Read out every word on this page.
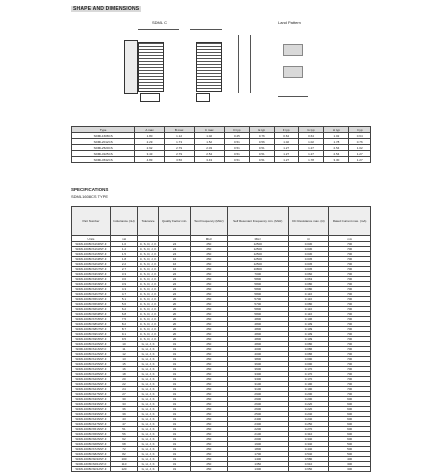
SHAPE AND DIMENSIONS
SDML C	Land Pattern
Type	A max	B max	C max	D typ	E typ	F typ	G typ	H typ	I typ
SDML1608CS	1.80	1.12	1.02	0.25	0.76	0.64	0.64	1.02	0.64
SDML2012CS	2.29	1.73	1.52	0.51	0.56	1.02	1.02	1.78	0.76
SDML2520CS	2.92	2.79	2.03	0.51	0.51	1.27	1.27	2.54	1.02
SDML3225CS	3.43	2.79	2.54	0.51	0.51	1.27	1.27	2.54	1.27
SDML4532CS	4.83	3.56	3.43	0.51	0.51	1.27	1.78	3.30	1.27
SPECIFICATIONS
SDML1608CS TYPE
Part Number	Inductance (nH)	Tolerance	Quality Factor min.	Test Frequency (MHz)	Self Resonant Frequency min. (MHz)	DC Resistance max. (Ω)	Rated Current max. (mA)
Units	nH			MHz	MHz	Ω	mA
SDML1608CS1N0ST-F	1.0	C, S, D, J, K	24	250	12500	0.030	700
SDML1608CS1N2ST-F	1.2	C, S, D, J, K	24	250	12500	0.030	700
SDML1608CS1N5ST-F	1.5	C, S, D, J, K	24	250	12500	0.030	700
SDML1608CS1N8ST-F	1.8	C, S, D, J, K	16	250	12500	0.045	700
SDML1608CS2N2ST-F	2.2	C, S, D, J, K	16	250	12500	0.045	700
SDML1608CS2N7ST-F	2.7	C, S, D, J, K	16	250	10800	0.045	700
SDML1608CS3N3ST-F	3.3	C, S, D, J, K	22	250	7000	0.060	700
SDML1608CS3N6ST-F	3.6	C, S, D, J, K	22	250	5800	0.063	700
SDML1608CS3N9ST-F	3.9	C, S, D, J, K	22	250	5800	0.080	700
SDML1608CS4N3ST-F	4.3	C, S, D, J, K	22	250	5800	0.080	700
SDML1608CS4N7ST-F	4.7	C, S, D, J, K	22	250	5800	0.116	700
SDML1608CS5N1ST-F	5.1	C, S, D, J, K	20	250	5700	0.116	700
SDML1608CS5N6ST-F	5.6	C, S, D, J, K	20	250	5700	0.080	700
SDML1608CS6N2ST-F	6.2	C, S, D, J, K	20	250	5800	0.116	700
SDML1608CS6N8ST-F	6.8	C, S, D, J, K	20	250	5800	0.116	700
SDML1608CS7N5ST-F	7.5	C, S, D, J, K	20	250	4800	0.106	700
SDML1608CS8N2ST-F	8.2	C, S, D, J, K	20	250	4800	0.109	700
SDML1608CS8N7ST-F	8.7	C, S, D, J, K	20	250	4800	0.109	700
SDML1608CS9N1ST-F	9.1	C, S, D, J, K	20	250	4800	0.109	700
SDML1608CS9N5ST-F	9.5	C, S, D, J, K	20	250	4800	0.109	700
SDML1608CS10NST-F	10	G, H, J, K	31	250	4800	0.080	700
SDML1608CS11NST-F	11	G, H, J, K	31	250	4000	0.086	700
SDML1608CS12NST-F	12	G, H, J, K	31	250	4000	0.086	700
SDML1608CS13NST-F	13	G, H, J, K	31	250	3800	0.090	700
SDML1608CS15NST-F	15	G, H, J, K	31	250	3600	0.090	700
SDML1608CS16NST-F	16	G, H, J, K	31	250	3600	0.170	700
SDML1608CS18NST-F	18	G, H, J, K	31	250	3300	0.170	700
SDML1608CS20NST-F	20	G, H, J, K	31	250	3300	0.170	700
SDML1608CS22NST-F	22	G, H, J, K	31	250	3100	0.190	700
SDML1608CS24NST-F	24	G, H, J, K	31	250	3100	0.190	700
SDML1608CS27NST-F	27	G, H, J, K	31	250	2900	0.200	700
SDML1608CS30NST-F	30	G, H, J, K	31	250	2900	0.200	600
SDML1608CS33NST-F	33	G, H, J, K	31	250	2600	0.220	600
SDML1608CS36NST-F	36	G, H, J, K	31	250	2600	0.220	600
SDML1608CS39NST-F	39	G, H, J, K	31	250	2500	0.240	600
SDML1608CS43NST-F	43	G, H, J, K	31	250	2400	0.240	600
SDML1608CS47NST-F	47	G, H, J, K	31	250	2300	0.250	600
SDML1608CS51NST-F	51	G, H, J, K	31	250	2200	0.270	600
SDML1608CS56NST-F	56	G, H, J, K	31	250	2100	0.310	600
SDML1608CS62NST-F	62	G, H, J, K	31	250	2000	0.340	600
SDML1608CS68NST-F	68	G, H, J, K	31	250	1900	0.340	500
SDML1608CS72NST-F	72	G, H, J, K	31	250	1800	0.440	500
SDML1608CS82NST-F	82	G, H, J, K	31	250	1700	0.540	500
SDML1608CSR10ST-F	100	G, H, J, K	31	250	1400	0.580	400
SDML1608CSR11ST-F	110	G, H, J, K	31	250	1350	0.610	300
SDML1608CSR12ST-F	120	G, H, J, K	31	250	1300	0.650	300
